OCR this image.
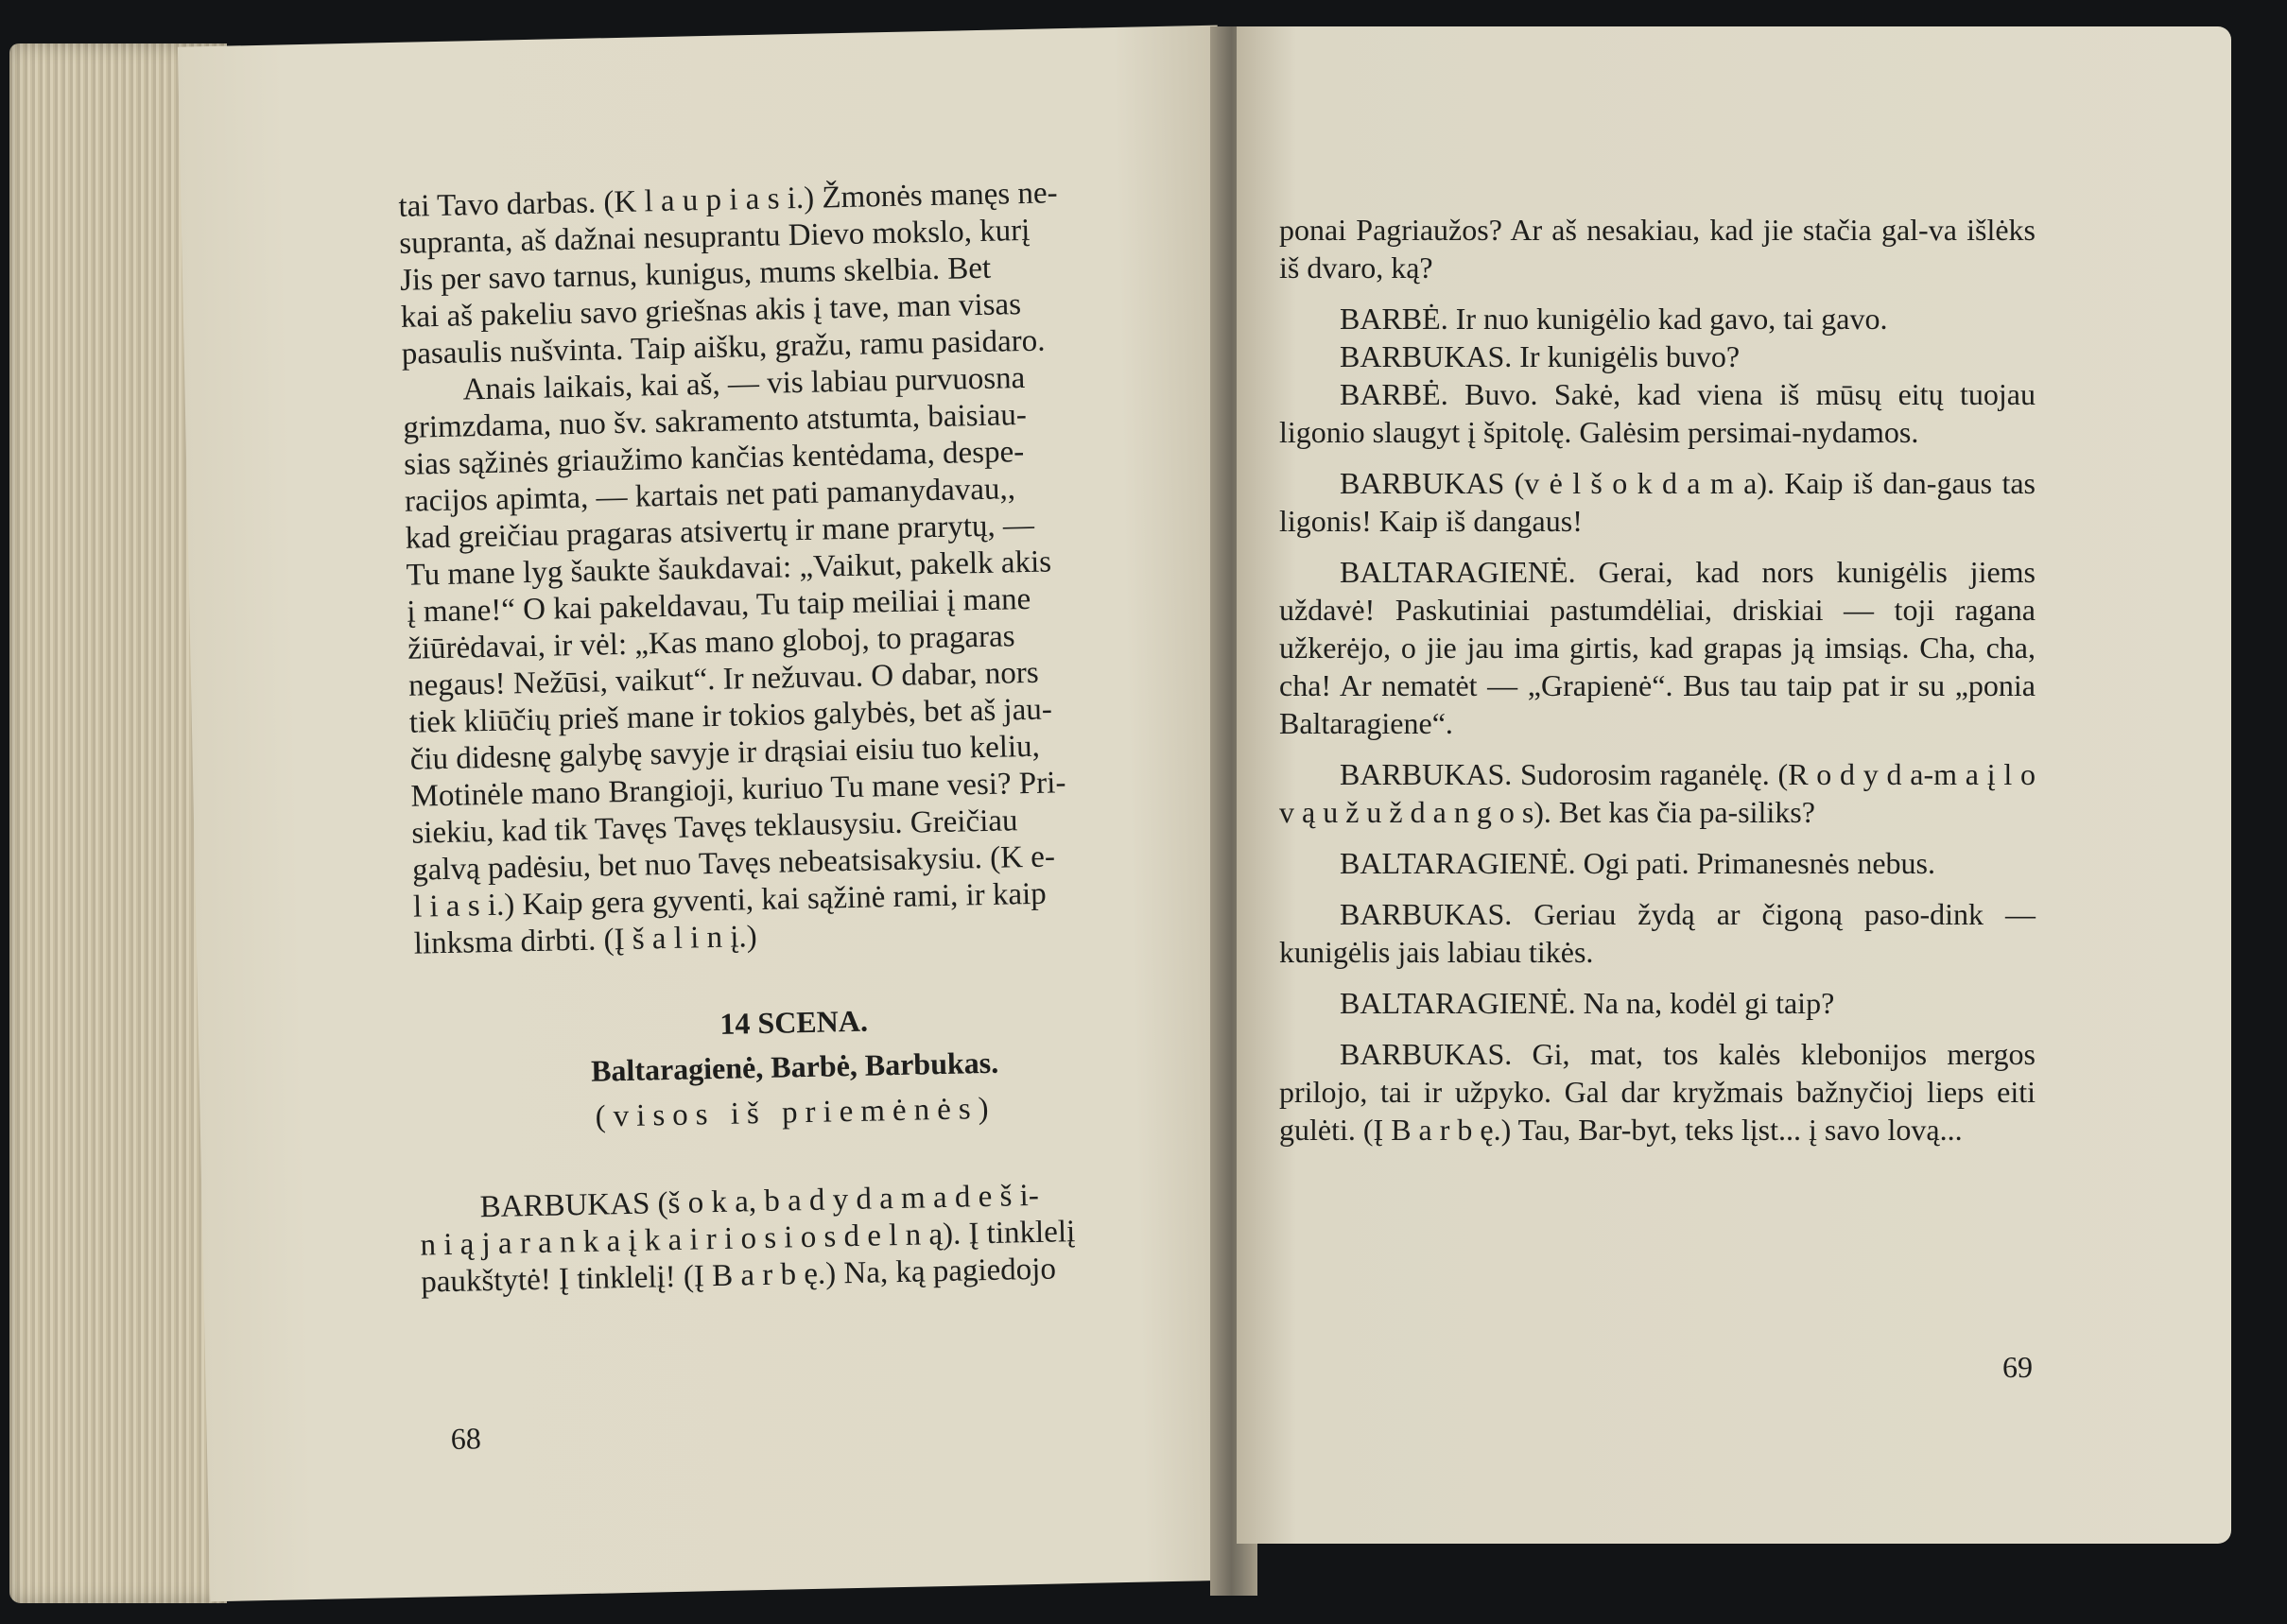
tai Tavo darbas. (K l a u p i a s i.) Žmonės manęs ne-

supranta, aš dažnai nesuprantu Dievo mokslo, kurį

Jis per savo tarnus, kunigus, mums skelbia. Bet

kai aš pakeliu savo griešnas akis į tave, man visas

pasaulis nušvinta. Taip aišku, gražu, ramu pasidaro.

Anais laikais, kai aš, — vis labiau purvuosna

grimzdama, nuo šv. sakramento atstumta, baisiau-

sias sąžinės griaužimo kančias kentėdama, despe-

racijos apimta, — kartais net pati pamanydavau,,

kad greičiau pragaras atsivertų ir mane prarytų, —

Tu mane lyg šaukte šaukdavai: „Vaikut, pakelk akis

į mane!“ O kai pakeldavau, Tu taip meiliai į mane

žiūrėdavai, ir vėl: „Kas mano globoj, to pragaras

negaus! Nežūsi, vaikut“. Ir nežuvau. O dabar, nors

tiek kliūčių prieš mane ir tokios galybės, bet aš jau-

čiu didesnę galybę savyje ir drąsiai eisiu tuo keliu,

Motinėle mano Brangioji, kuriuo Tu mane vesi? Pri-

siekiu, kad tik Tavęs Tavęs teklausysiu. Greičiau

galvą padėsiu, bet nuo Tavęs nebeatsisakysiu. (K e-

l i a s i.) Kaip gera gyventi, kai sąžinė rami, ir kaip

linksma dirbti. (Į š a l i n į.)

14 SCENA.

Baltaragienė, Barbė, Barbukas.

(visos iš priemėnės)

BARBUKAS (š o k a, b a d y d a m a d e š i-

n i ą j a r a n k a į k a i r i o s i o s d e l n ą). Į tinklelį

paukštytė! Į tinklelį! (Į B a r b ę.) Na, ką pagiedojo

68

ponai Pagriaužos? Ar aš nesakiau, kad jie stačia gal-va išlėks iš dvaro, ką?

BARBĖ. Ir nuo kunigėlio kad gavo, tai gavo.

BARBUKAS. Ir kunigėlis buvo?

BARBĖ. Buvo. Sakė, kad viena iš mūsų eitų tuojau ligonio slaugyt į špitolę. Galėsim persimai-nydamos.

BARBUKAS (v ė l š o k d a m a). Kaip iš dan-gaus tas ligonis! Kaip iš dangaus!

BALTARAGIENĖ. Gerai, kad nors kunigėlis jiems uždavė! Paskutiniai pastumdėliai, driskiai — toji ragana užkerėjo, o jie jau ima girtis, kad grapas ją imsiąs. Cha, cha, cha! Ar nematėt — „Grapienė“. Bus tau taip pat ir su „ponia Baltaragiene“.

BARBUKAS. Sudorosim raganėlę. (R o d y d a-m a į l o v ą u ž u ž d a n g o s). Bet kas čia pa-siliks?

BALTARAGIENĖ. Ogi pati. Primanesnės nebus.

BARBUKAS. Geriau žydą ar čigoną paso-dink — kunigėlis jais labiau tikės.

BALTARAGIENĖ. Na na, kodėl gi taip?

BARBUKAS. Gi, mat, tos kalės klebonijos mergos prilojo, tai ir užpyko. Gal dar kryžmais bažnyčioj lieps eiti gulėti. (Į B a r b ę.) Tau, Bar-byt, teks lįst... į savo lovą...

69
